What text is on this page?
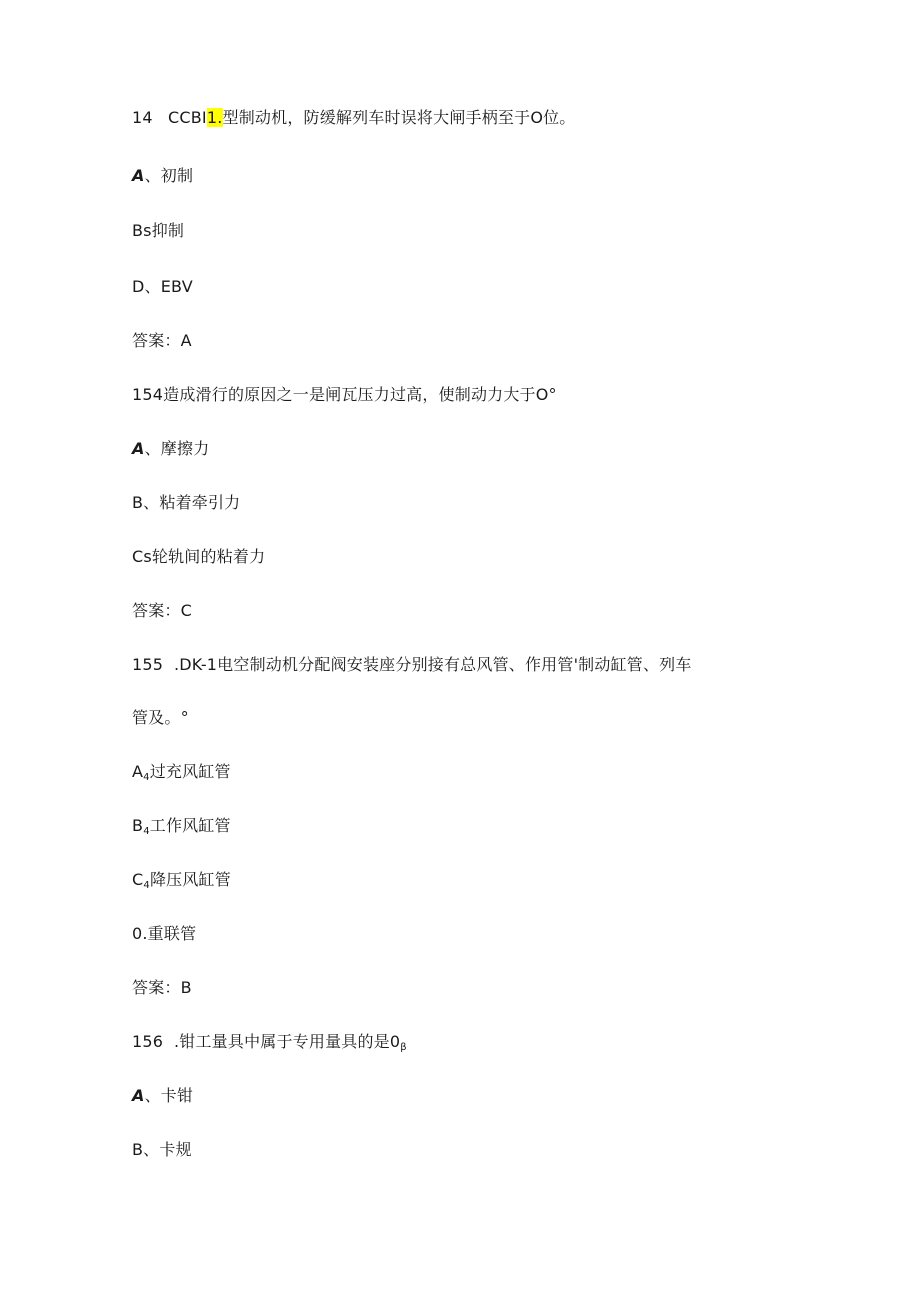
14 CCBI1.型制动机，防缓解列车时误将大闸手柄至于O位。
A、初制
Bs抑制
D、EBV
答案：A
154造成滑行的原因之一是闸瓦压力过高，使制动力大于O°
A、摩擦力
B、粘着牵引力
Cs轮轨间的粘着力
答案：C
155 .DK-1电空制动机分配阀安装座分别接有总风管、作用管'制动缸管、列车
管及。°
$A_4$过充风缸管
$B_4$工作风缸管
$C_4$降压风缸管
0.重联管
答案：B
156 .钳工量具中属于专用量具的是$0_\beta$
A、卡钳
B、卡规
